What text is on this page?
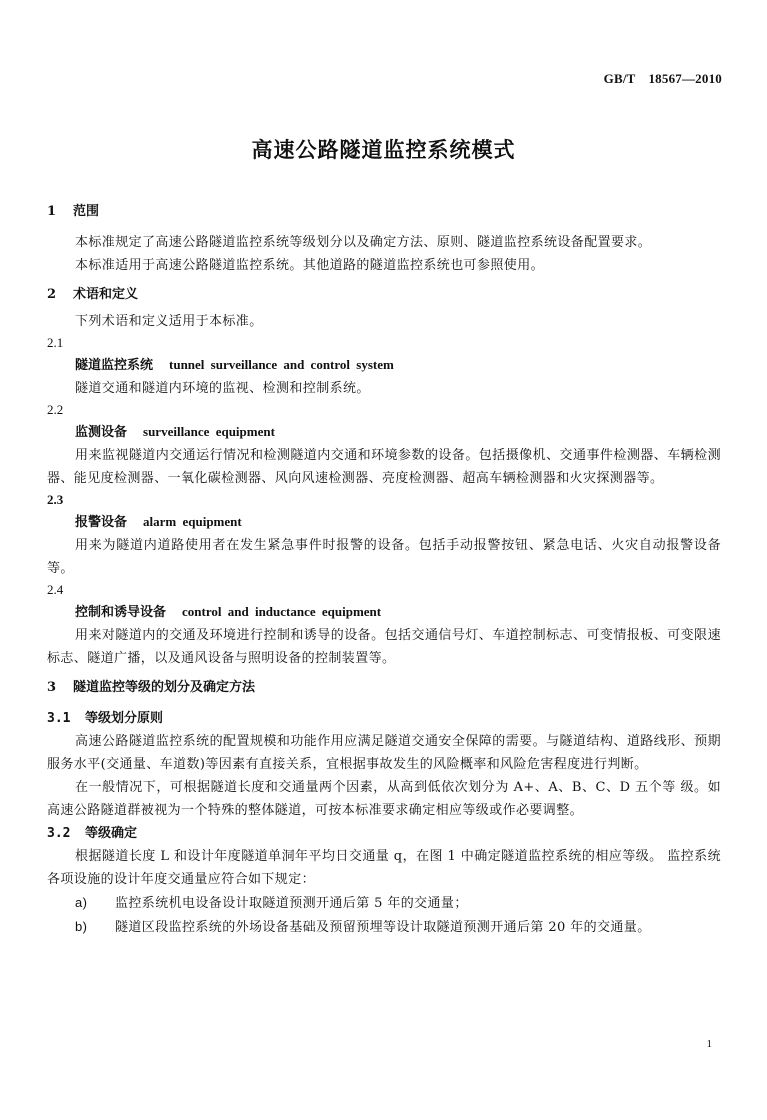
GB/T　18567—2010
高速公路隧道监控系统模式
1 范围
本标准规定了高速公路隧道监控系统等级划分以及确定方法、原则、隧道监控系统设备配置要求。
本标准适用于高速公路隧道监控系统。其他道路的隧道监控系统也可参照使用。
2 术语和定义
下列术语和定义适用于本标准。
2.1
隧道监控系统 tunnel surveillance and control system
隧道交通和隧道内环境的监视、检测和控制系统。
2.2
监测设备 surveillance equipment
用来监视隧道内交通运行情况和检测隧道内交通和环境参数的设备。包括摄像机、交通事件检测器、车辆检测器、能见度检测器、一氧化碳检测器、风向风速检测器、亮度检测器、超高车辆检测器和火灾探测器等。
2.3
报警设备 alarm equipment
用来为隧道内道路使用者在发生紧急事件时报警的设备。包括手动报警按钮、紧急电话、火灾自动报警设备等。
2.4
控制和诱导设备 control and inductance equipment
用来对隧道内的交通及环境进行控制和诱导的设备。包括交通信号灯、车道控制标志、可变情报板、可变限速标志、隧道广播，以及通风设备与照明设备的控制装置等。
3 隧道监控等级的划分及确定方法
3.1 等级划分原则
高速公路隧道监控系统的配置规模和功能作用应满足隧道交通安全保障的需要。与隧道结构、道路线形、预期服务水平(交通量、车道数)等因素有直接关系，宜根据事故发生的风险概率和风险危害程度进行判断。
在一般情况下，可根据隧道长度和交通量两个因素，从高到低依次划分为 A+、A、B、C、D 五个等 级。如高速公路隧道群被视为一个特殊的整体隧道，可按本标准要求确定相应等级或作必要调整。
3.2 等级确定
根据隧道长度 L 和设计年度隧道单洞年平均日交通量 q，在图 1 中确定隧道监控系统的相应等级。 监控系统各项设施的设计年度交通量应符合如下规定：
a) 监控系统机电设备设计取隧道预测开通后第 5 年的交通量；
b) 隧道区段监控系统的外场设备基础及预留预埋等设计取隧道预测开通后第 20 年的交通量。
1
